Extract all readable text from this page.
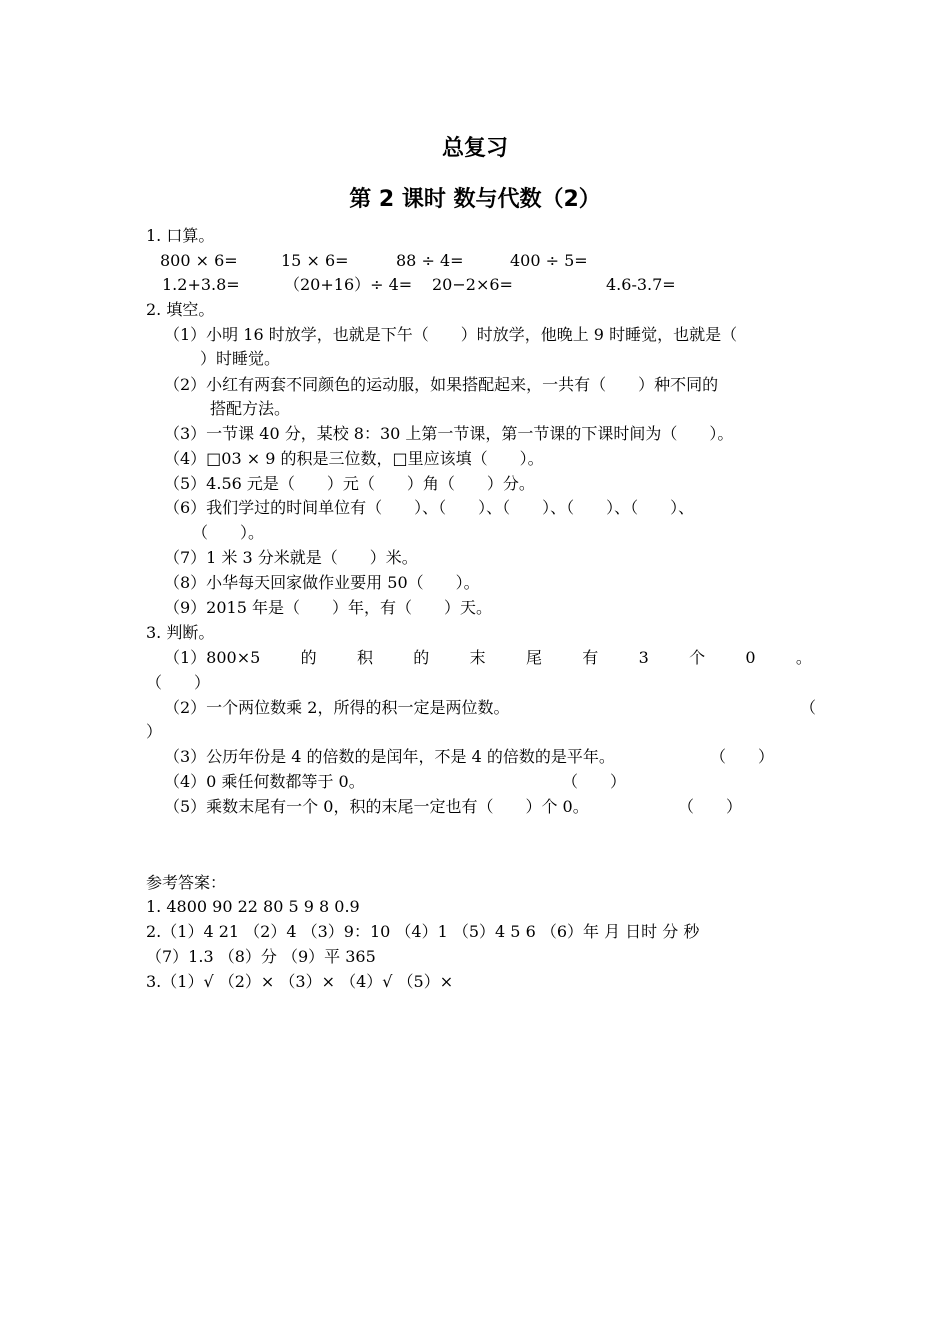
总复习
第 2 课时 数与代数（2）
1. 口算。
800 × 6=	15 × 6=	88 ÷ 4=	400 ÷ 5=
1.2+3.8=	（20+16）÷ 4= 20−2×6=	4.6-3.7=
2. 填空。
（1）小明 16 时放学，也就是下午（　　）时放学，他晚上 9 时睡觉，也就是（
）时睡觉。
（2）小红有两套不同颜色的运动服，如果搭配起来，一共有（　　）种不同的
搭配方法。
（3）一节课 40 分，某校 8：30 上第一节课，第一节课的下课时间为（　　）。
（4）□03 × 9 的积是三位数，□里应该填（　　）。
（5）4.56 元是（　　）元（　　）角（　　）分。
（6）我们学过的时间单位有（　　）、（　　）、（　　）、（　　）、（　　）、
（　　）。
（7）1 米 3 分米就是（　　）米。
（8）小华每天回家做作业要用 50（　　）。
（9）2015 年是（　　）年，有（　　）天。
3. 判断。
（1）800×5	的	积	的	末	尾	有	3	个	0	。
（　　）
（2）一个两位数乘 2，所得的积一定是两位数。	（
）
（3）公历年份是 4 的倍数的是闰年，不是 4 的倍数的是平年。	（　　）
（4）0 乘任何数都等于 0。	（　　）
（5）乘数末尾有一个 0，积的末尾一定也有（　　）个 0。	（　　）
参考答案：
1. 4800 90 22 80 5 9 8 0.9
2.（1）4 21 （2）4 （3）9：10 （4）1 （5）4 5 6 （6）年 月 日时 分 秒
（7）1.3 （8）分 （9）平 365
3.（1）√ （2）× （3）× （4）√ （5）×
